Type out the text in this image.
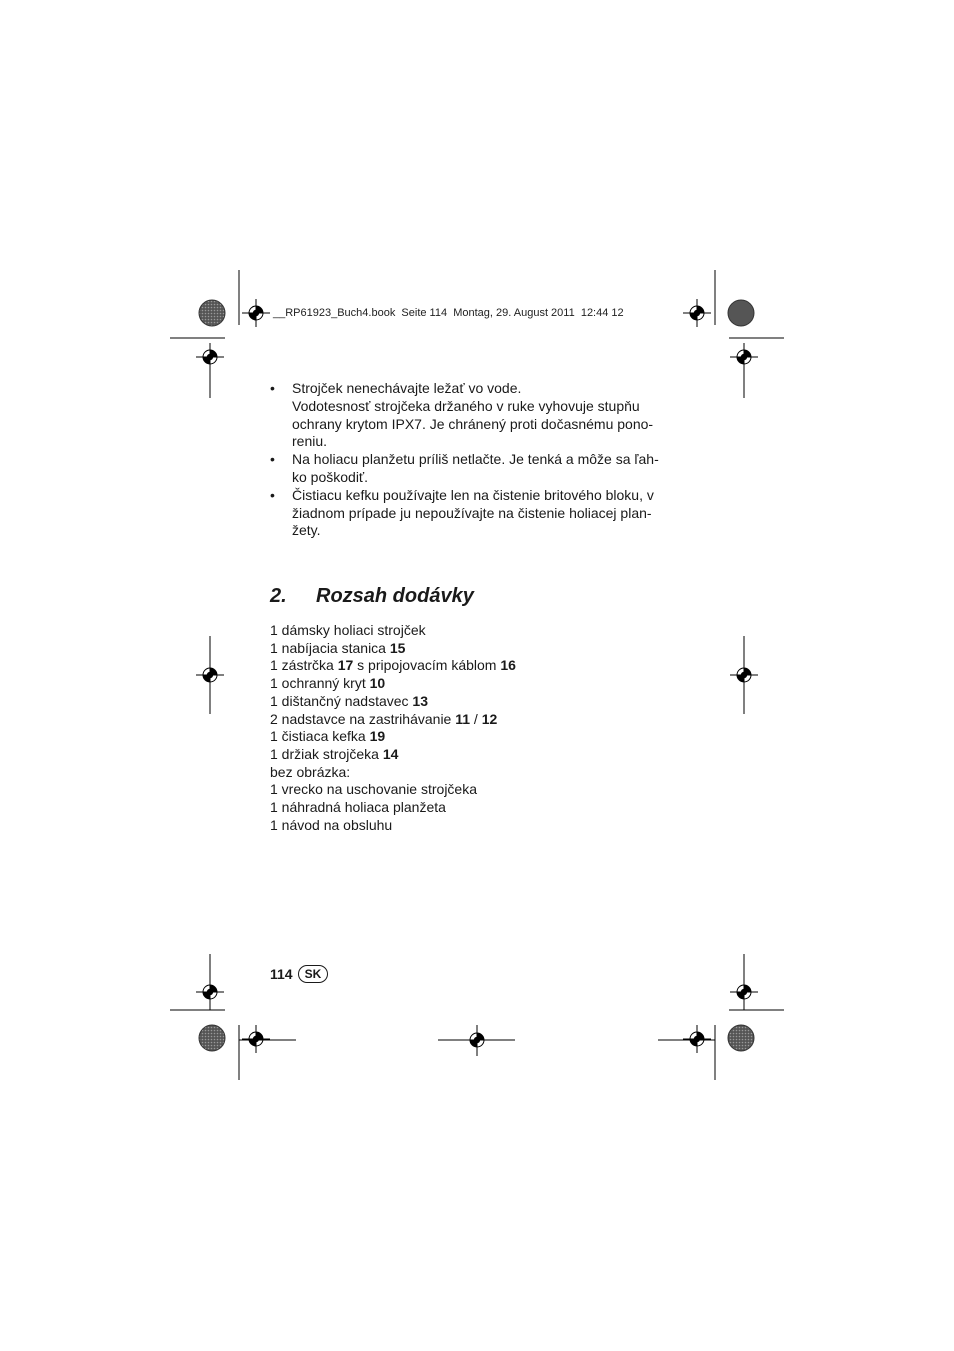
__RP61923_Buch4.book  Seite 114  Montag, 29. August 2011  12:44 12
• Strojček nenechávajte ležať vo vode.
Vodotesnosť strojčeka držaného v ruke vyhovuje stupňu
ochrany krytom IPX7. Je chránený proti dočasnému pono-
reniu.
• Na holiacu planžetu príliš netlačte. Je tenká a môže sa ľah-
ko poškodiť.
• Čistiacu kefku používajte len na čistenie britového bloku, v
žiadnom prípade ju nepoužívajte na čistenie holiacej plan-
žety.
2. Rozsah dodávky
1 dámsky holiaci strojček
1 nabíjacia stanica 15
1 zástrčka 17 s pripojovacím káblom 16
1 ochranný kryt 10
1 dištančný nadstavec 13
2 nadstavce na zastrihávanie 11 / 12
1 čistiaca kefka 19
1 držiak strojčeka 14
bez obrázka:
1 vrecko na uschovanie strojčeka
1 náhradná holiaca planžeta
1 návod na obsluhu
114	SK
